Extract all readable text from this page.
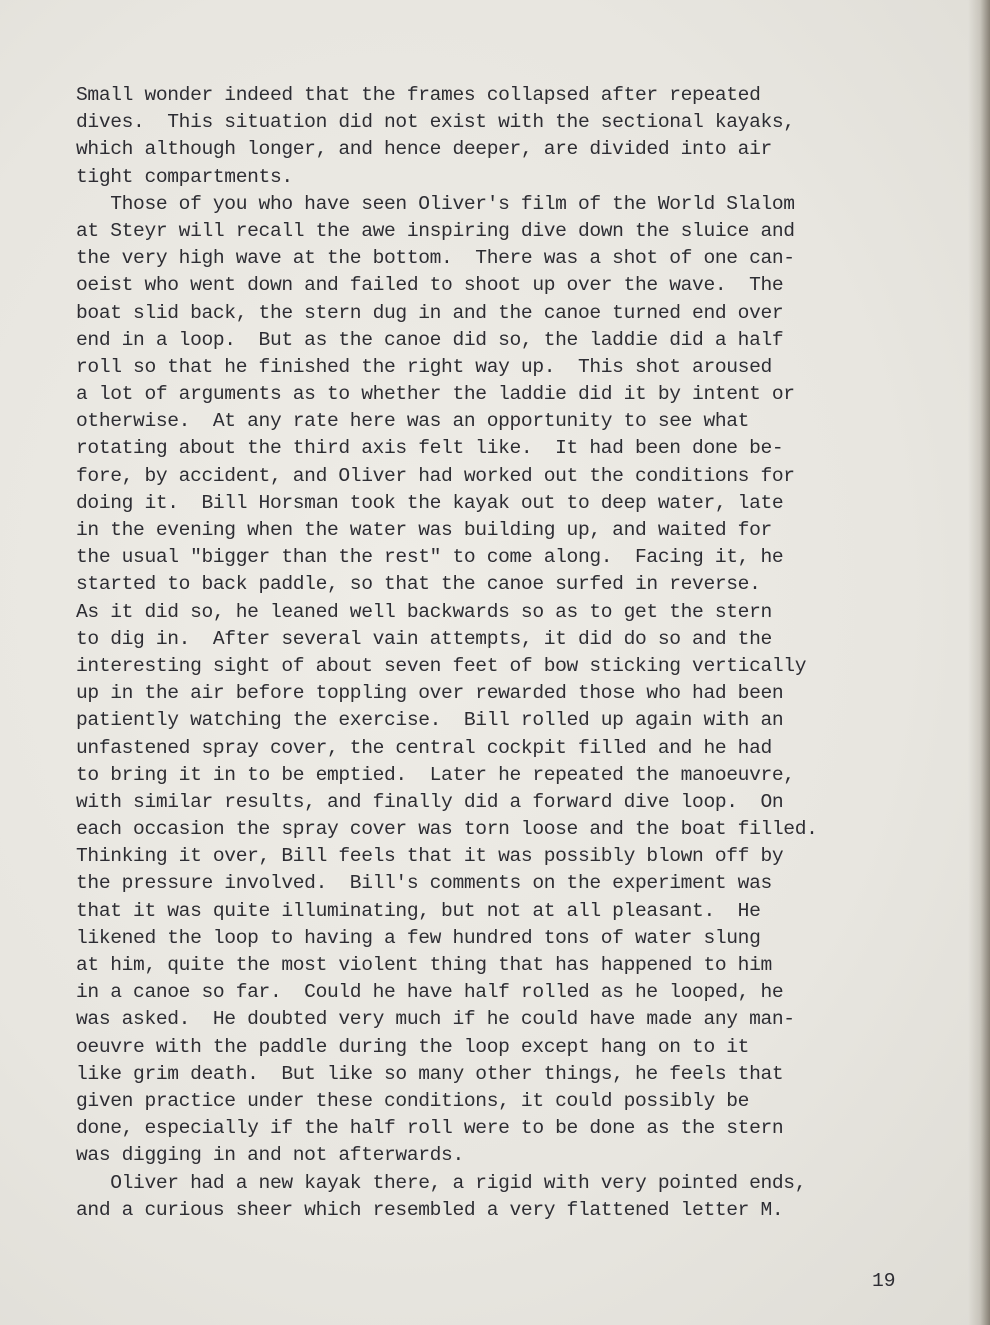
Small wonder indeed that the frames collapsed after repeated
dives.  This situation did not exist with the sectional kayaks,
which although longer, and hence deeper, are divided into air
tight compartments.
Those of you who have seen Oliver's film of the World Slalom
at Steyr will recall the awe inspiring dive down the sluice and
the very high wave at the bottom.  There was a shot of one can-
oeist who went down and failed to shoot up over the wave.  The
boat slid back, the stern dug in and the canoe turned end over
end in a loop.  But as the canoe did so, the laddie did a half
roll so that he finished the right way up.  This shot aroused
a lot of arguments as to whether the laddie did it by intent or
otherwise.  At any rate here was an opportunity to see what
rotating about the third axis felt like.  It had been done be-
fore, by accident, and Oliver had worked out the conditions for
doing it.  Bill Horsman took the kayak out to deep water, late
in the evening when the water was building up, and waited for
the usual "bigger than the rest" to come along.  Facing it, he
started to back paddle, so that the canoe surfed in reverse.
As it did so, he leaned well backwards so as to get the stern
to dig in.  After several vain attempts, it did do so and the
interesting sight of about seven feet of bow sticking vertically
up in the air before toppling over rewarded those who had been
patiently watching the exercise.  Bill rolled up again with an
unfastened spray cover, the central cockpit filled and he had
to bring it in to be emptied.  Later he repeated the manoeuvre,
with similar results, and finally did a forward dive loop.  On
each occasion the spray cover was torn loose and the boat filled.
Thinking it over, Bill feels that it was possibly blown off by
the pressure involved.  Bill's comments on the experiment was
that it was quite illuminating, but not at all pleasant.  He
likened the loop to having a few hundred tons of water slung
at him, quite the most violent thing that has happened to him
in a canoe so far.  Could he have half rolled as he looped, he
was asked.  He doubted very much if he could have made any man-
oeuvre with the paddle during the loop except hang on to it
like grim death.  But like so many other things, he feels that
given practice under these conditions, it could possibly be
done, especially if the half roll were to be done as the stern
was digging in and not afterwards.
Oliver had a new kayak there, a rigid with very pointed ends,
and a curious sheer which resembled a very flattened letter M.
19
